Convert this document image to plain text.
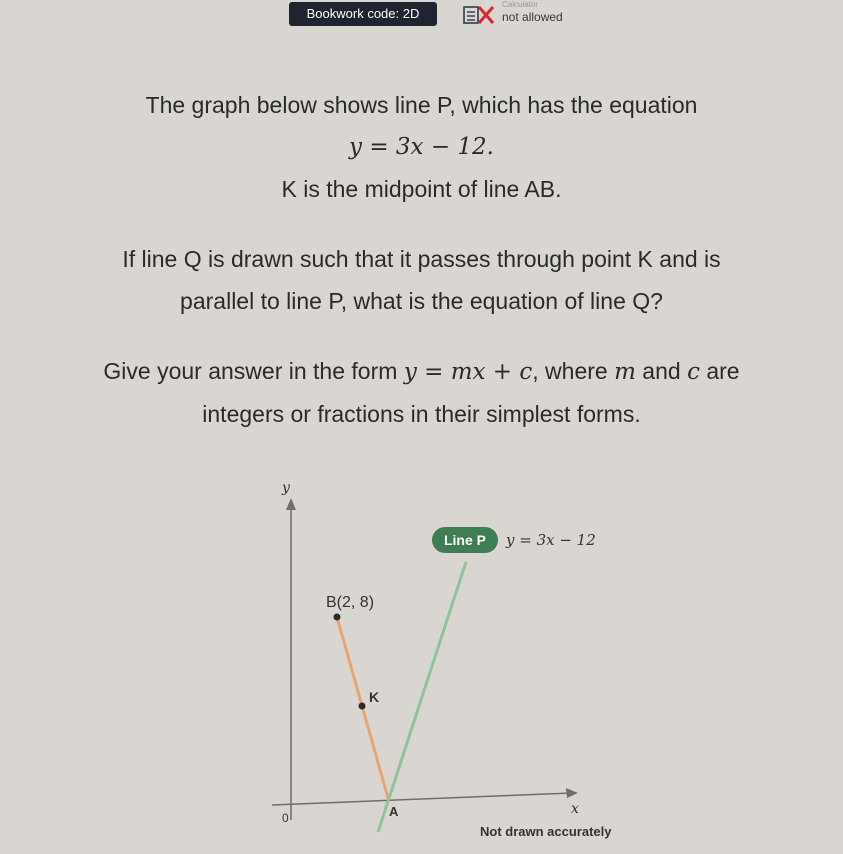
Bookwork code: 2D
Calculator
not allowed

The graph below shows line P, which has the equation

y = 3x − 12.

K is the midpoint of line AB.

If line Q is drawn such that it passes through point K and is

parallel to line P, what is the equation of line Q?

Give your answer in the form y = mx + c, where m and c are

integers or fractions in their simplest forms.

y
x
0
B(2, 8)
K
A
Line P y = 3x − 12
Not drawn accurately
